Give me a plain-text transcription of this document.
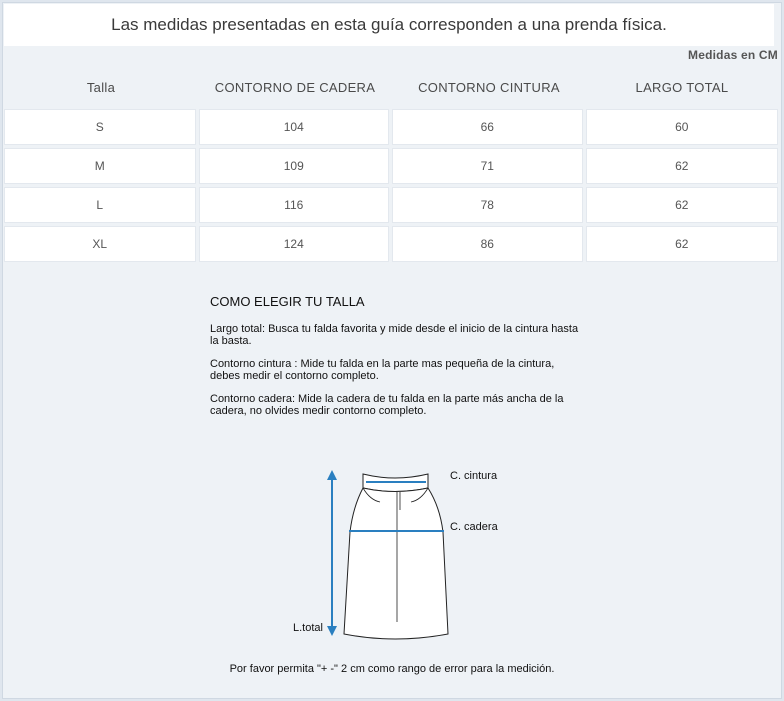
Las medidas presentadas en esta guía corresponden a una prenda física.
Medidas en CM
Talla	CONTORNO DE CADERA	CONTORNO CINTURA	LARGO TOTAL
S	104	66	60
M	109	71	62
L	116	78	62
XL	124	86	62
COMO ELEGIR TU TALLA
Largo total: Busca tu falda favorita y mide desde el inicio de la cintura hasta la basta.
Contorno cintura : Mide tu falda en la parte mas pequeña de la cintura, debes medir el contorno completo.
Contorno cadera: Mide la cadera de tu falda en la parte más ancha de la cadera, no olvides medir contorno completo.
C. cintura
C. cadera
L.total
Por favor permita "+ -" 2 cm como rango de error para la medición.
